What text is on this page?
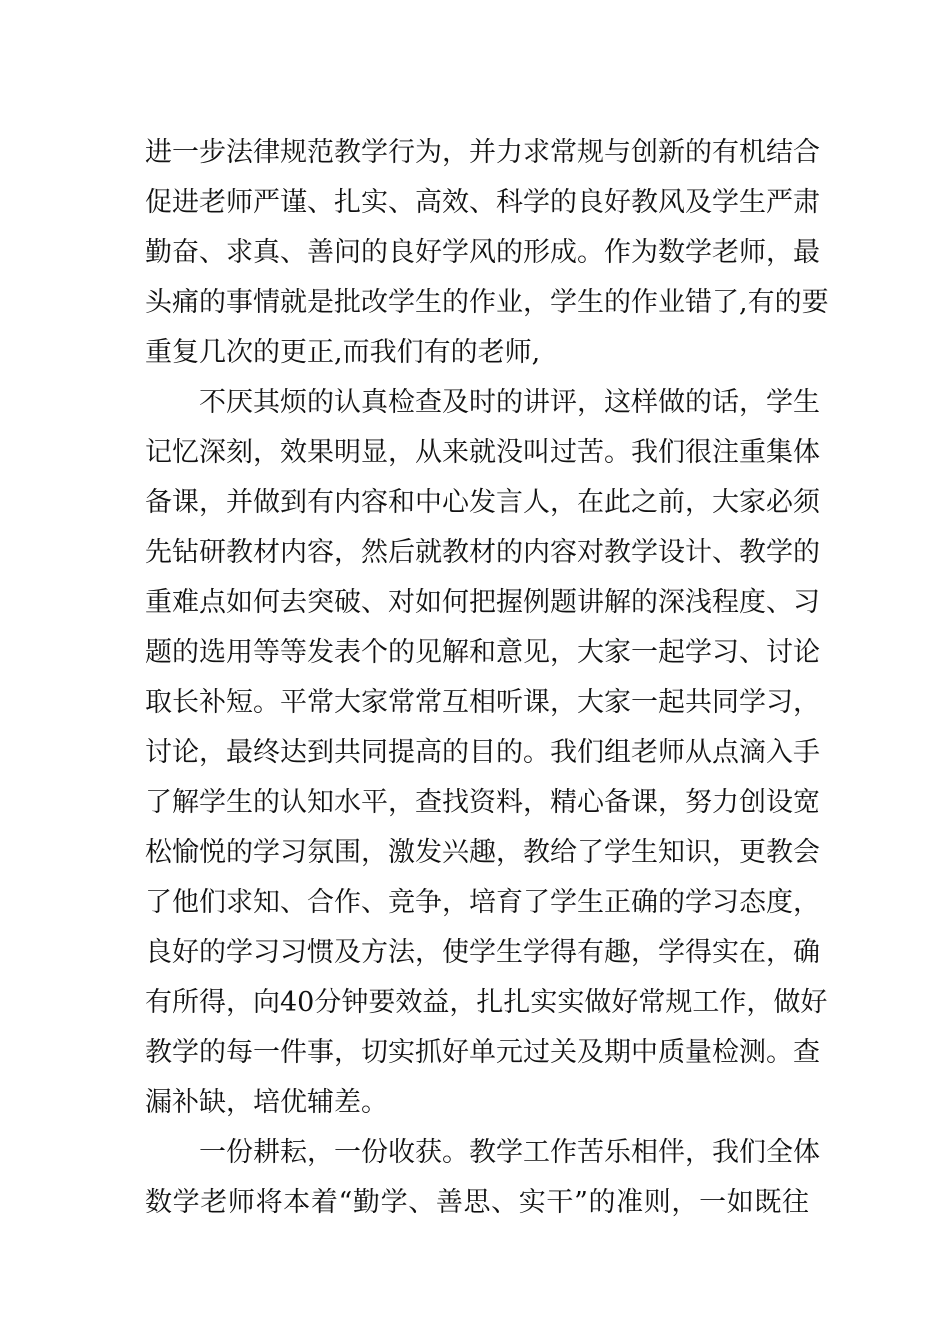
进一步法律规范教学行为，并力求常规与创新的有机结合

促进老师严谨、扎实、高效、科学的良好教风及学生严肃

勤奋、求真、善问的良好学风的形成。作为数学老师，最

头痛的事情就是批改学生的作业，学生的作业错了,有的要

重复几次的更正,而我们有的老师,

不厌其烦的认真检查及时的讲评，这样做的话，学生

记忆深刻，效果明显，从来就没叫过苦。我们很注重集体

备课，并做到有内容和中心发言人，在此之前，大家必须

先钻研教材内容，然后就教材的内容对教学设计、教学的

重难点如何去突破、对如何把握例题讲解的深浅程度、习

题的选用等等发表个的见解和意见，大家一起学习、讨论

取长补短。平常大家常常互相听课，大家一起共同学习，

讨论，最终达到共同提高的目的。我们组老师从点滴入手

了解学生的认知水平，查找资料，精心备课，努力创设宽

松愉悦的学习氛围，激发兴趣，教给了学生知识，更教会

了他们求知、合作、竞争，培育了学生正确的学习态度，

良好的学习习惯及方法，使学生学得有趣，学得实在，确

有所得，向40分钟要效益，扎扎实实做好常规工作，做好

教学的每一件事，切实抓好单元过关及期中质量检测。查

漏补缺，培优辅差。

一份耕耘，一份收获。教学工作苦乐相伴，我们全体

数学老师将本着“勤学、善思、实干”的准则，一如既往
